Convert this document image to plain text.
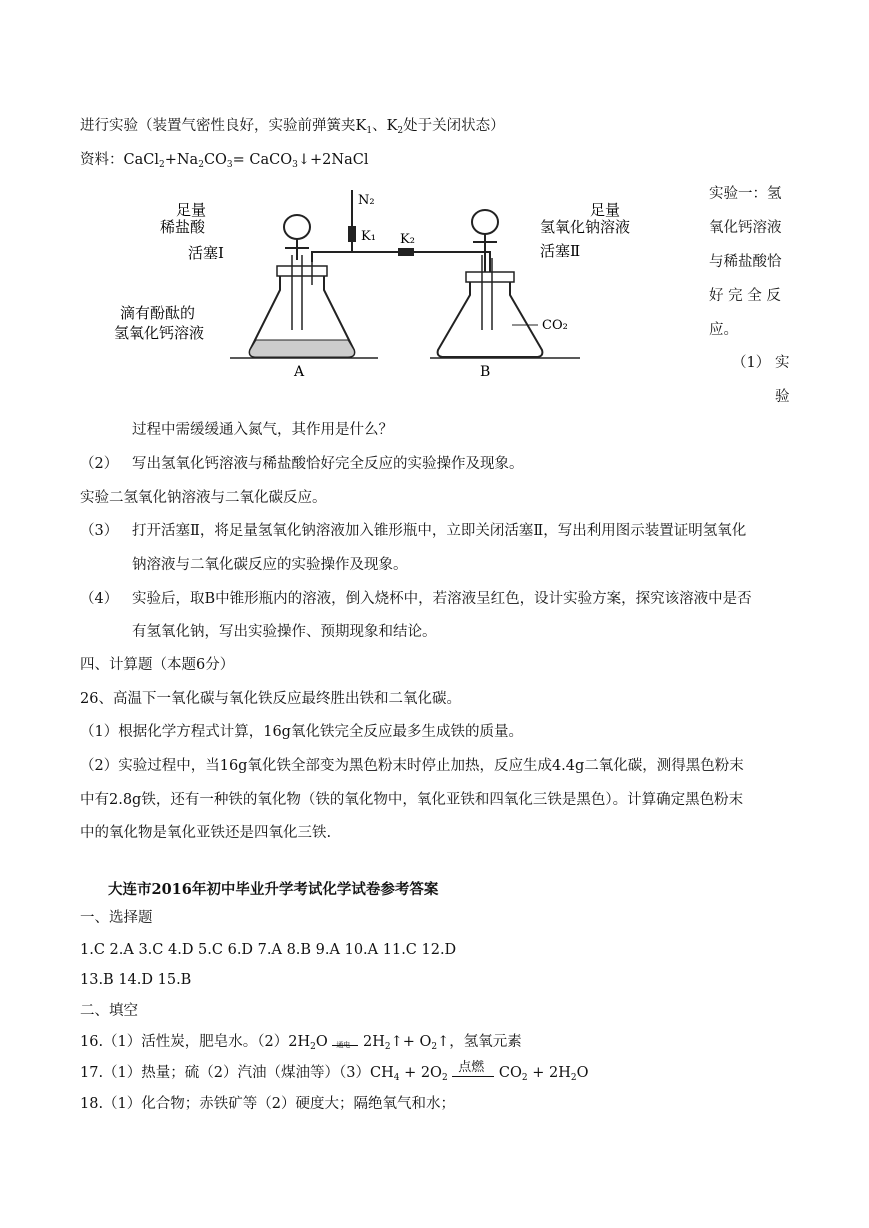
进行实验（装置气密性良好，实验前弹簧夹$K_1$、$K_2$处于关闭状态）
资料：$CaCl_2+Na_2CO_3=$ CaCO$_3$↓+2NaCl
足量
稀盐酸
活塞Ⅰ
滴有酚酞的
氢氧化钙溶液
N₂
K₁ K₂
足量
氢氧化钠溶液
活塞Ⅱ
CO₂
A	B
实验一：氢
氧化钙溶液
与稀盐酸恰
好 完 全 反
应。
（1） 实
验
过程中需缓缓通入氮气，其作用是什么？
（2） 写出氢氧化钙溶液与稀盐酸恰好完全反应的实验操作及现象。
实验二氢氧化钠溶液与二氧化碳反应。
（3） 打开活塞Ⅱ，将足量氢氧化钠溶液加入锥形瓶中，立即关闭活塞Ⅱ，写出利用图示装置证明氢氧化
钠溶液与二氧化碳反应的实验操作及现象。
（4） 实验后，取B中锥形瓶内的溶液，倒入烧杯中，若溶液呈红色，设计实验方案，探究该溶液中是否
有氢氧化钠，写出实验操作、预期现象和结论。
四、计算题（本题6分）
26、高温下一氧化碳与氧化铁反应最终胜出铁和二氧化碳。
（1）根据化学方程式计算，16g氧化铁完全反应最多生成铁的质量。
（2）实验过程中，当16g氧化铁全部变为黑色粉末时停止加热，反应生成4.4g二氧化碳，测得黑色粉末
中有2.8g铁，还有一种铁的氧化物（铁的氧化物中，氧化亚铁和四氧化三铁是黑色）。计算确定黑色粉末
中的氧化物是氧化亚铁还是四氧化三铁.
大连市2016年初中毕业升学考试化学试卷参考答案
一、选择题
1.C 2.A 3.C 4.D 5.C 6.D 7.A 8.B 9.A 10.A 11.C 12.D
13.B 14.D 15.B
二、填空
16.（1）活性炭，肥皂水。$(2)2H_2O$ 通电 $2H_2↑+$ $O_2↑$，氢氧元素
17.（1）热量；硫（2）汽油（煤油等）$(3)CH_4 + 2O_2$
点燃 $CO_2 + 2H_2O$
18.（1）化合物；赤铁矿等（2）硬度大；隔绝氧气和水；
